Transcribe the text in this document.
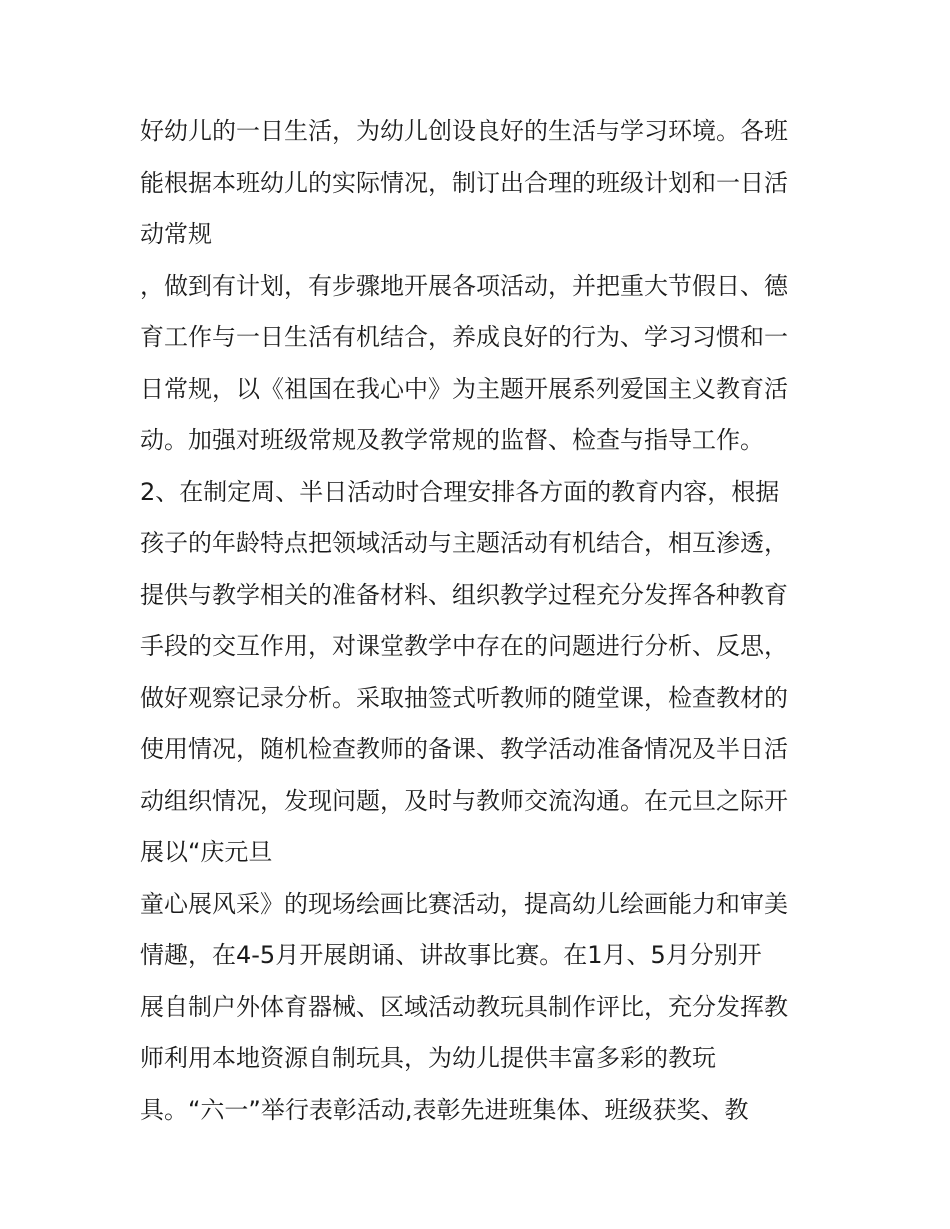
好幼儿的一日生活，为幼儿创设良好的生活与学习环境。各班
能根据本班幼儿的实际情况，制订出合理的班级计划和一日活
动常规
，做到有计划，有步骤地开展各项活动，并把重大节假日、德
育工作与一日生活有机结合，养成良好的行为、学习习惯和一
日常规，以《祖国在我心中》为主题开展系列爱国主义教育活
动。加强对班级常规及教学常规的监督、检查与指导工作。
2、在制定周、半日活动时合理安排各方面的教育内容，根据
孩子的年龄特点把领域活动与主题活动有机结合，相互渗透，
提供与教学相关的准备材料、组织教学过程充分发挥各种教育
手段的交互作用，对课堂教学中存在的问题进行分析、反思，
做好观察记录分析。采取抽签式听教师的随堂课，检查教材的
使用情况，随机检查教师的备课、教学活动准备情况及半日活
动组织情况，发现问题，及时与教师交流沟通。在元旦之际开
展以“庆元旦
童心展风采》的现场绘画比赛活动，提高幼儿绘画能力和审美
情趣，在4-5月开展朗诵、讲故事比赛。在1月、5月分别开
展自制户外体育器械、区域活动教玩具制作评比，充分发挥教
师利用本地资源自制玩具，为幼儿提供丰富多彩的教玩
具。“六一”举行表彰活动,表彰先进班集体、班级获奖、教
